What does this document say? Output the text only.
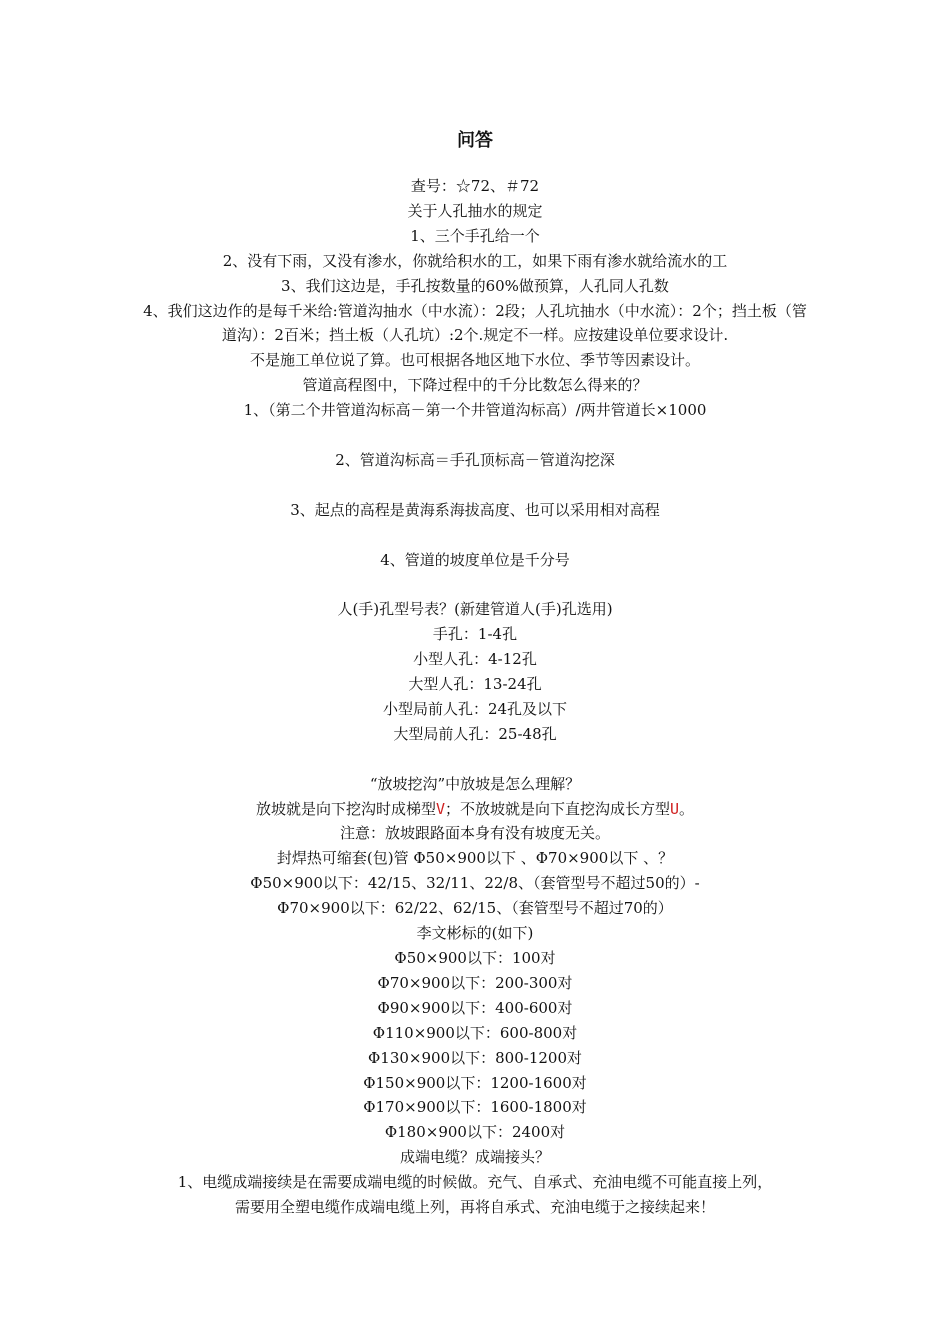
问答

查号：☆72、＃72

关于人孔抽水的规定

1、三个手孔给一个

2、没有下雨，又没有渗水，你就给积水的工，如果下雨有渗水就给流水的工

3、我们这边是，手孔按数量的60%做预算，人孔同人孔数

4、我们这边作的是每千米给:管道沟抽水（中水流）：2段；人孔坑抽水（中水流）：2个；挡土板（管道沟）：2百米；挡土板（人孔坑）:2个.规定不一样。应按建设单位要求设计.

不是施工单位说了算。也可根据各地区地下水位、季节等因素设计。

管道高程图中，下降过程中的千分比数怎么得来的？

1、（第二个井管道沟标高－第一个井管道沟标高）/两井管道长×1000

2、管道沟标高＝手孔顶标高－管道沟挖深

3、起点的高程是黄海系海拔高度、也可以采用相对高程

4、管道的坡度单位是千分号

人(手)孔型号表？(新建管道人(手)孔选用)

手孔：1-4孔

小型人孔：4-12孔

大型人孔：13-24孔

小型局前人孔：24孔及以下

大型局前人孔：25-48孔

“放坡挖沟”中放坡是怎么理解？

放坡就是向下挖沟时成梯型V；不放坡就是向下直挖沟成长方型U。

注意：放坡跟路面本身有没有坡度无关。

封焊热可缩套(包)管 Φ50×900以下 、Φ70×900以下 、？

Φ50×900以下：42/15、32/11、22/8、（套管型号不超过50的）-

Φ70×900以下：62/22、62/15、（套管型号不超过70的）

李文彬标的(如下)

Φ50×900以下：100对

Φ70×900以下：200-300对

Φ90×900以下：400-600对

Φ110×900以下：600-800对

Φ130×900以下：800-1200对

Φ150×900以下：1200-1600对

Φ170×900以下：1600-1800对

Φ180×900以下：2400对

成端电缆？成端接头？

1、电缆成端接续是在需要成端电缆的时候做。充气、自承式、充油电缆不可能直接上列，

需要用全塑电缆作成端电缆上列，再将自承式、充油电缆于之接续起来！
